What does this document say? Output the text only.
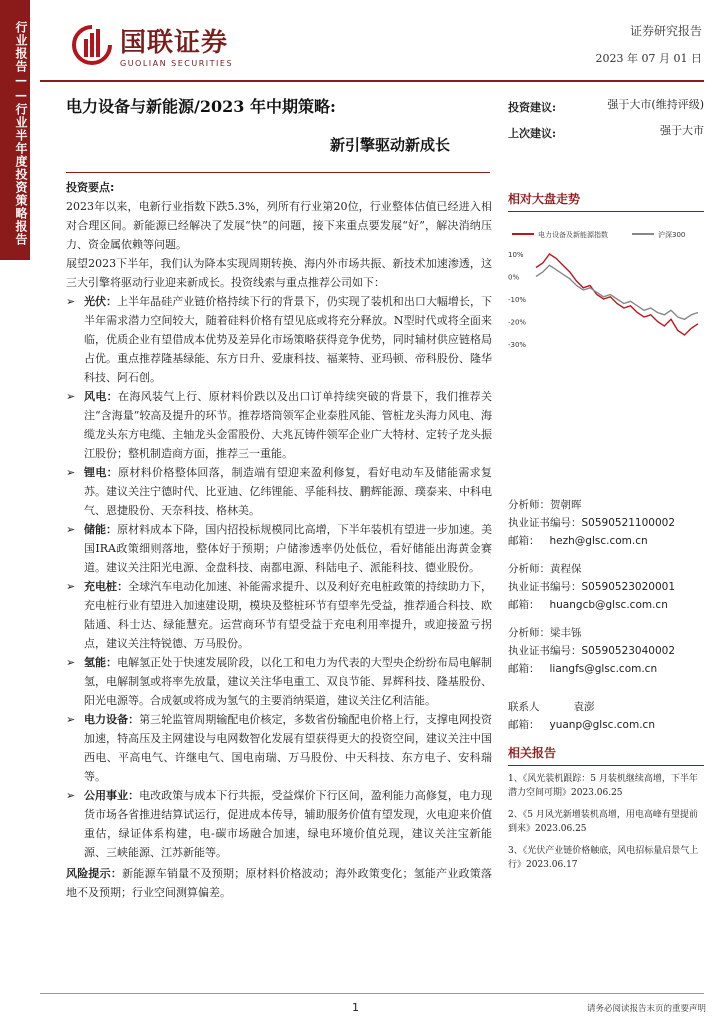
行业报告——行业半年度投资策略报告	国联证券
GUOLIAN SECURITIES
证券研究报告
2023 年 07 月 01 日
电力设备与新能源/2023 年中期策略:
新引擎驱动新成长
投资建议:	强于大市(维持评级)
上次建议:	强于大市

投资要点:

2023年以来，电新行业指数下跌5.3%，列所有行业第20位，行业整体估值已经进入相对合理区间。新能源已经解决了发展“快”的问题，接下来重点要发展“好”，解决消纳压力、资金属依赖等问题。

展望2023下半年，我们认为降本实现周期转换、海内外市场共振、新技术加速渗透，这三大引擎将驱动行业迎来新成长。投资线索与重点推荐公司如下：

➢ 光伏：上半年晶硅产业链价格持续下行的背景下，仍实现了装机和出口大幅增长，下半年需求潜力空间较大，随着硅料价格有望见底或将充分释放。N型时代或将全面来临，优质企业有望借成本优势及差异化市场策略获得竞争优势，同时辅材供应链格局占优。重点推荐隆基绿能、东方日升、爱康科技、福莱特、亚玛顿、帝科股份、隆华科技、阿石创。

➢ 风电：在海风装气上行、原材料价跌以及出口订单持续突破的背景下，我们推荐关注“含海量”较高及提升的环节。推荐塔筒领军企业泰胜风能、管桩龙头海力风电、海缆龙头东方电缆、主轴龙头金雷股份、大兆瓦铸件领军企业广大特材、定转子龙头振江股份；整机制造商方面，推荐三一重能。

➢ 锂电：原材料价格整体回落，制造端有望迎来盈利修复，看好电动车及储能需求复苏。建议关注宁德时代、比亚迪、亿纬锂能、孚能科技、鹏辉能源、璞泰来、中科电气、恩捷股份、天奈科技、格林美。

➢ 储能：原材料成本下降，国内招投标规模同比高增，下半年装机有望进一步加速。美国IRA政策细则落地，整体好于预期；户储渗透率仍处低位，看好储能出海黄金赛道。建议关注阳光电源、金盘科技、南都电源、科陆电子、派能科技、德业股份。

➢ 充电桩：全球汽车电动化加速、补能需求提升、以及利好充电桩政策的持续助力下，充电桩行业有望进入加速建设期，模块及整桩环节有望率先受益，推荐通合科技、欧陆通、科士达、绿能慧充。运营商环节有望受益于充电利用率提升，或迎接盈亏拐点，建议关注特锐德、万马股份。

➢ 氢能：电解氢正处于快速发展阶段，以化工和电力为代表的大型央企纷纷布局电解制氢，电解制氢或将率先放量，建议关注华电重工、双良节能、昇辉科技、隆基股份、阳光电源等。合成氨或将成为氢气的主要消纳渠道，建议关注亿利洁能。

➢ 电力设备：第三轮监管周期输配电价核定，多数省份输配电价格上行，支撑电网投资加速，特高压及主网建设与电网数智化发展有望获得更大的投资空间，建议关注中国西电、平高电气、许继电气、国电南瑞、万马股份、中天科技、东方电子、安科瑞等。

➢ 公用事业：电改政策与成本下行共振，受益煤价下行区间，盈利能力高修复，电力现货市场各省推进结算试运行，促进成本传导，辅助服务价值有望发现，火电迎来价值重估，绿证体系构建，电-碳市场融合加速，绿电环境价值兑现，建议关注宝新能源、三峡能源、江苏新能等。

风险提示：新能源车销量不及预期；原材料价格波动；海外政策变化；氢能产业政策落地不及预期；行业空间测算偏差。

相对大盘走势
电力设备及新能源指数	沪深300
10%
0%
-10%
-20%
-30%
分析师：贺朝晖
执业证书编号：S0590521100002
邮箱： hezh@glsc.com.cn
分析师：黄程保
执业证书编号：S0590523020001
邮箱： huangcb@glsc.com.cn
分析师：梁丰铄
执业证书编号：S0590523040002
邮箱： liangfs@glsc.com.cn
联系人	袁澎
邮箱： yuanp@glsc.com.cn
相关报告
1、《风光装机跟踪：5 月装机继续高增，下半年潜力空间可期》2023.06.25
2、《5 月风光新增装机高增，用电高峰有望提前到来》2023.06.25
3、《光伏产业链价格触底，风电招标量启景气上行》2023.06.17
1	请务必阅读报告末页的重要声明
